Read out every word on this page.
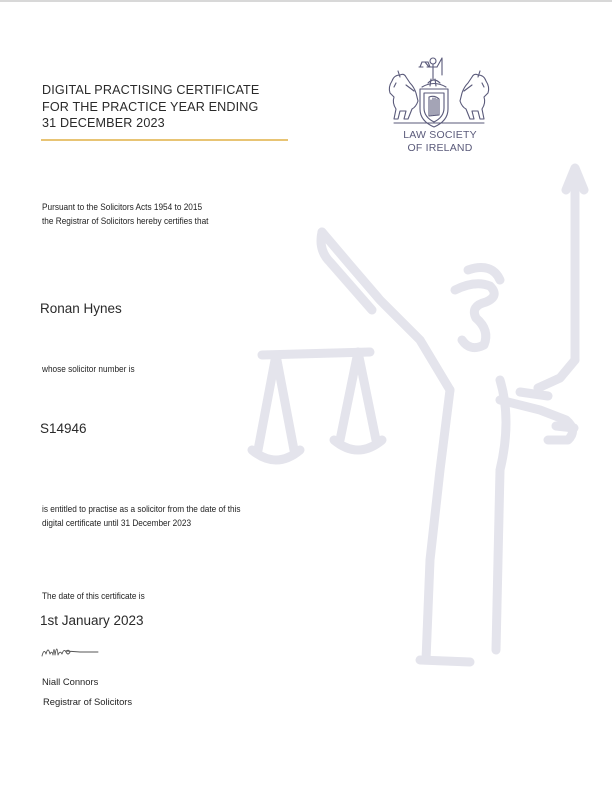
DIGITAL PRACTISING CERTIFICATE
FOR THE PRACTICE YEAR ENDING
31 DECEMBER 2023
LAW SOCIETY
OF IRELAND
Pursuant to the Solicitors Acts 1954 to 2015
the Registrar of Solicitors hereby certifies that
Ronan Hynes
whose solicitor number is
S14946
is entitled to practise as a solicitor from the date of this
digital certificate until 31 December 2023
The date of this certificate is
1st January 2023
Niall Connors
Registrar of Solicitors
